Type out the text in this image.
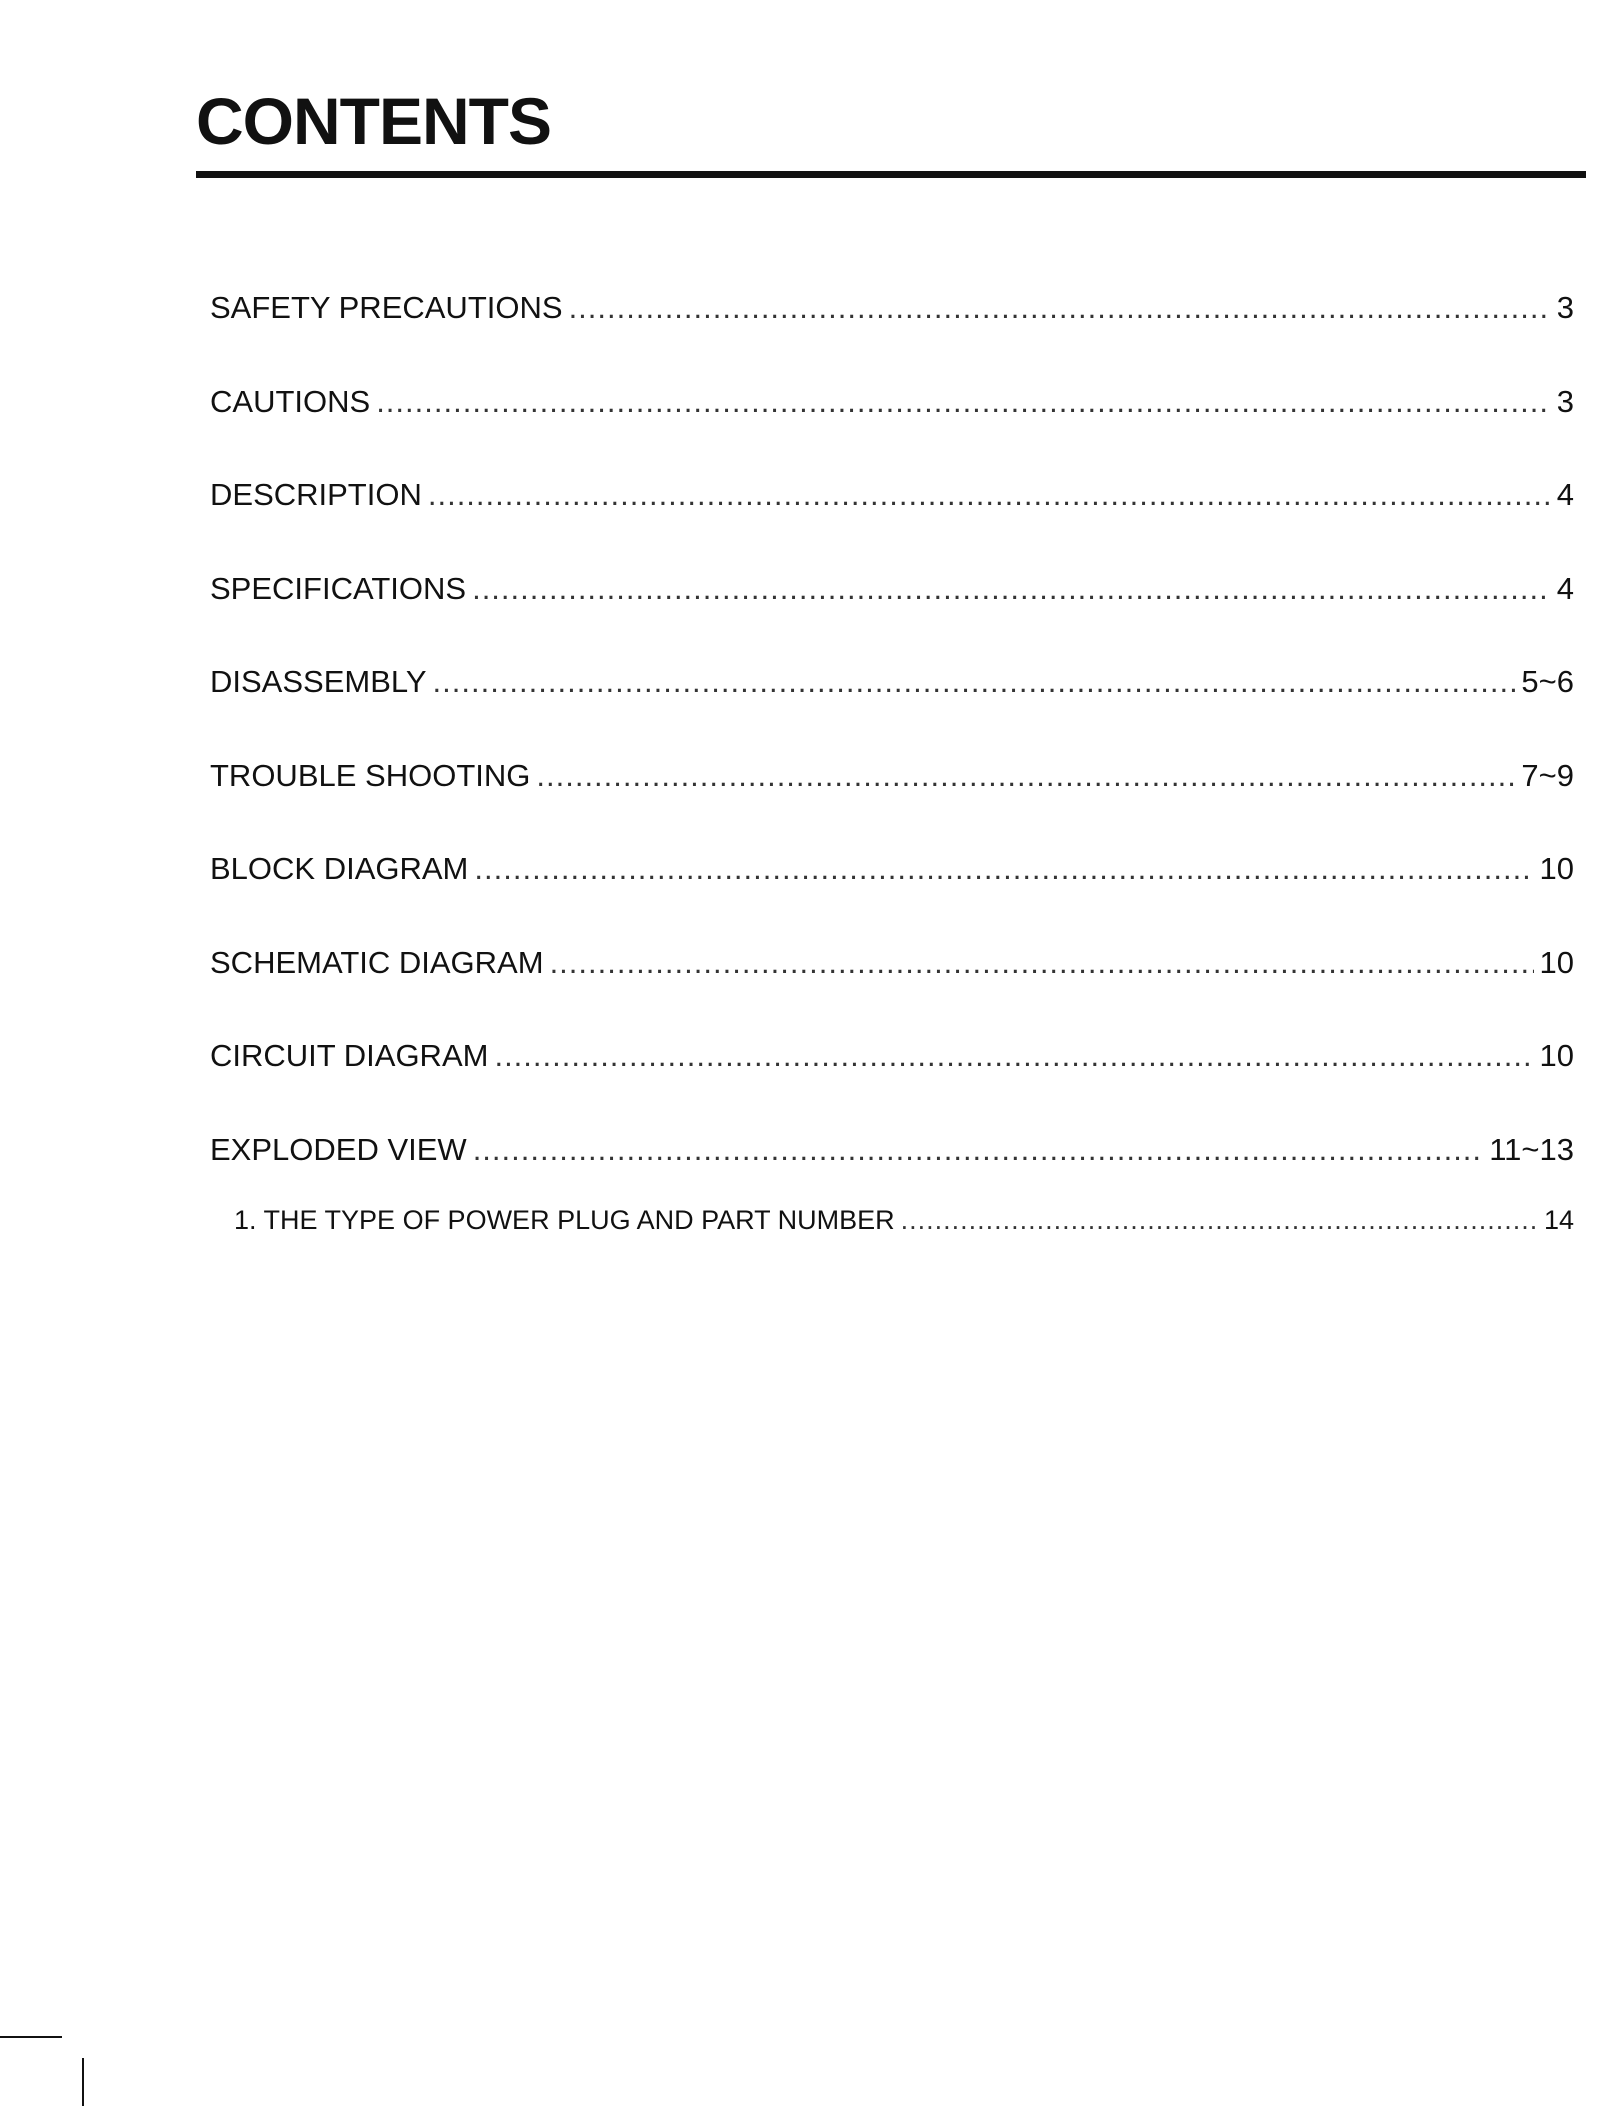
CONTENTS
SAFETY PRECAUTIONS .....	3
CAUTIONS .....	3
DESCRIPTION .....	4
SPECIFICATIONS .....	4
DISASSEMBLY .....	5~6
TROUBLE SHOOTING .....	7~9
BLOCK DIAGRAM .....	10
SCHEMATIC DIAGRAM .....	10
CIRCUIT DIAGRAM .....	10
EXPLODED VIEW .....	11~13
1. THE TYPE OF POWER PLUG AND PART NUMBER .....	14
